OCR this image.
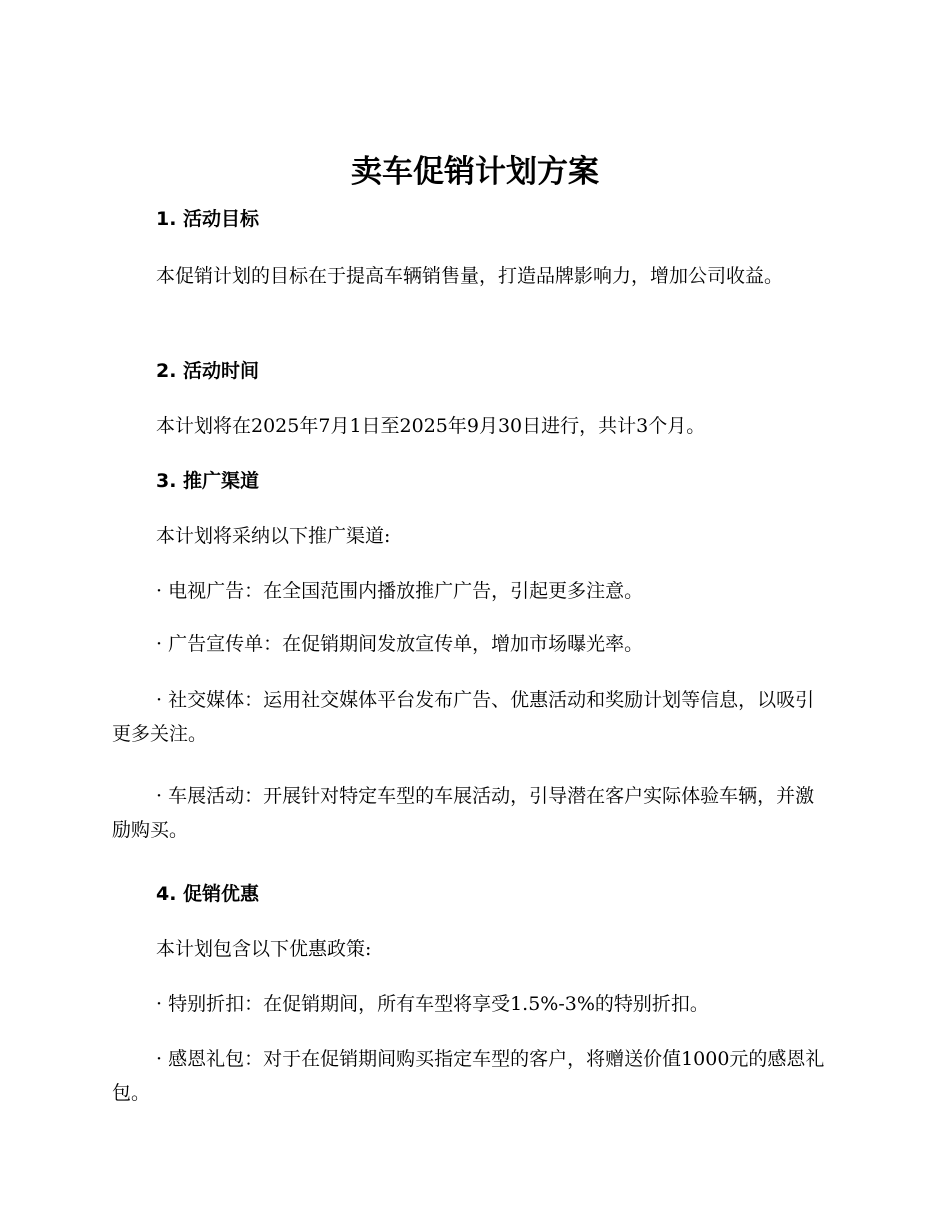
卖车促销计划方案
1. 活动目标

本促销计划的目标在于提高车辆销售量，打造品牌影响力，增加公司收益。

2. 活动时间

本计划将在2025年7月1日至2025年9月30日进行，共计3个月。

3. 推广渠道

本计划将采纳以下推广渠道:

· 电视广告：在全国范围内播放推广广告，引起更多注意。

· 广告宣传单：在促销期间发放宣传单，增加市场曝光率。

· 社交媒体：运用社交媒体平台发布广告、优惠活动和奖励计划等信息，以吸引更多关注。

· 车展活动：开展针对特定车型的车展活动，引导潜在客户实际体验车辆，并激励购买。

4. 促销优惠

本计划包含以下优惠政策:

· 特别折扣：在促销期间，所有车型将享受1.5%-3%的特别折扣。

· 感恩礼包：对于在促销期间购买指定车型的客户，将赠送价值1000元的感恩礼包。
